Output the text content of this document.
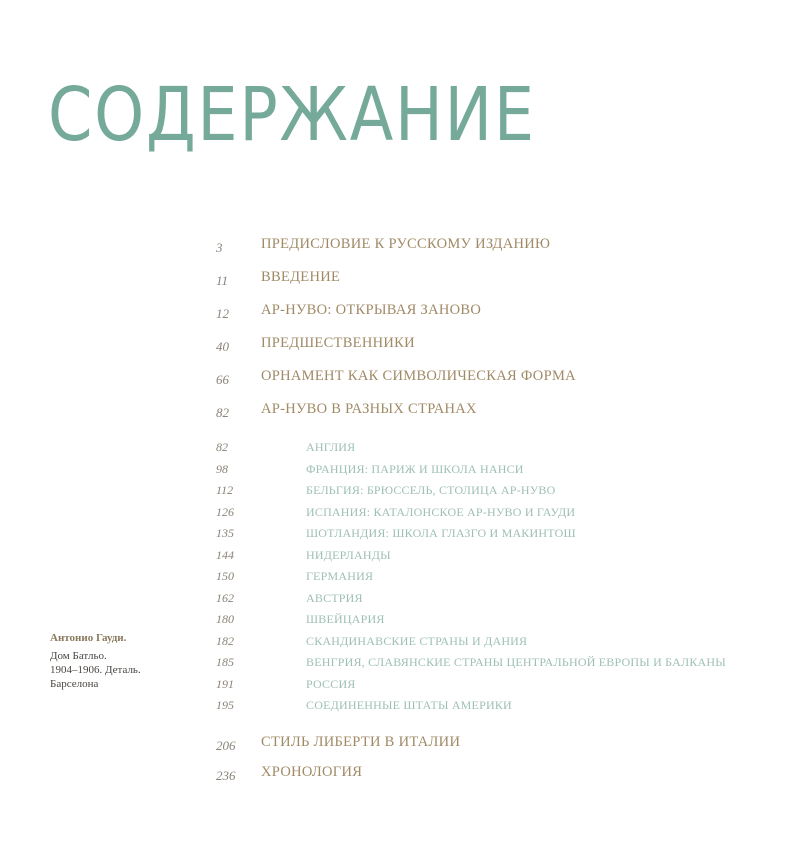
СОДЕРЖАНИЕ
3	ПРЕДИСЛОВИЕ К РУССКОМУ ИЗДАНИЮ
11 ВВЕДЕНИЕ
12 АР-НУВО: ОТКРЫВАЯ ЗАНОВО
40 ПРЕДШЕСТВЕННИКИ
66 ОРНАМЕНТ КАК СИМВОЛИЧЕСКАЯ ФОРМА
82 АР-НУВО В РАЗНЫХ СТРАНАХ
82	АНГЛИЯ
98	ФРАНЦИЯ: ПАРИЖ И ШКОЛА НАНСИ
112	БЕЛЬГИЯ: БРЮССЕЛЬ, СТОЛИЦА АР-НУВО
126	ИСПАНИЯ: КАТАЛОНСКОЕ АР-НУВО И ГАУДИ
135	ШОТЛАНДИЯ: ШКОЛА ГЛАЗГО И МАКИНТОШ
144	НИДЕРЛАНДЫ
150	ГЕРМАНИЯ
162	АВСТРИЯ
180	ШВЕЙЦАРИЯ
182	СКАНДИНАВСКИЕ СТРАНЫ И ДАНИЯ
185	ВЕНГРИЯ, СЛАВЯНСКИЕ СТРАНЫ ЦЕНТРАЛЬНОЙ ЕВРОПЫ И БАЛКАНЫ
191	РОССИЯ
195	СОЕДИНЕННЫЕ ШТАТЫ АМЕРИКИ
206 СТИЛЬ ЛИБЕРТИ В ИТАЛИИ
236 ХРОНОЛОГИЯ
Антонио Гауди.
Дом Батльо.
1904–1906. Деталь.
Барселона
